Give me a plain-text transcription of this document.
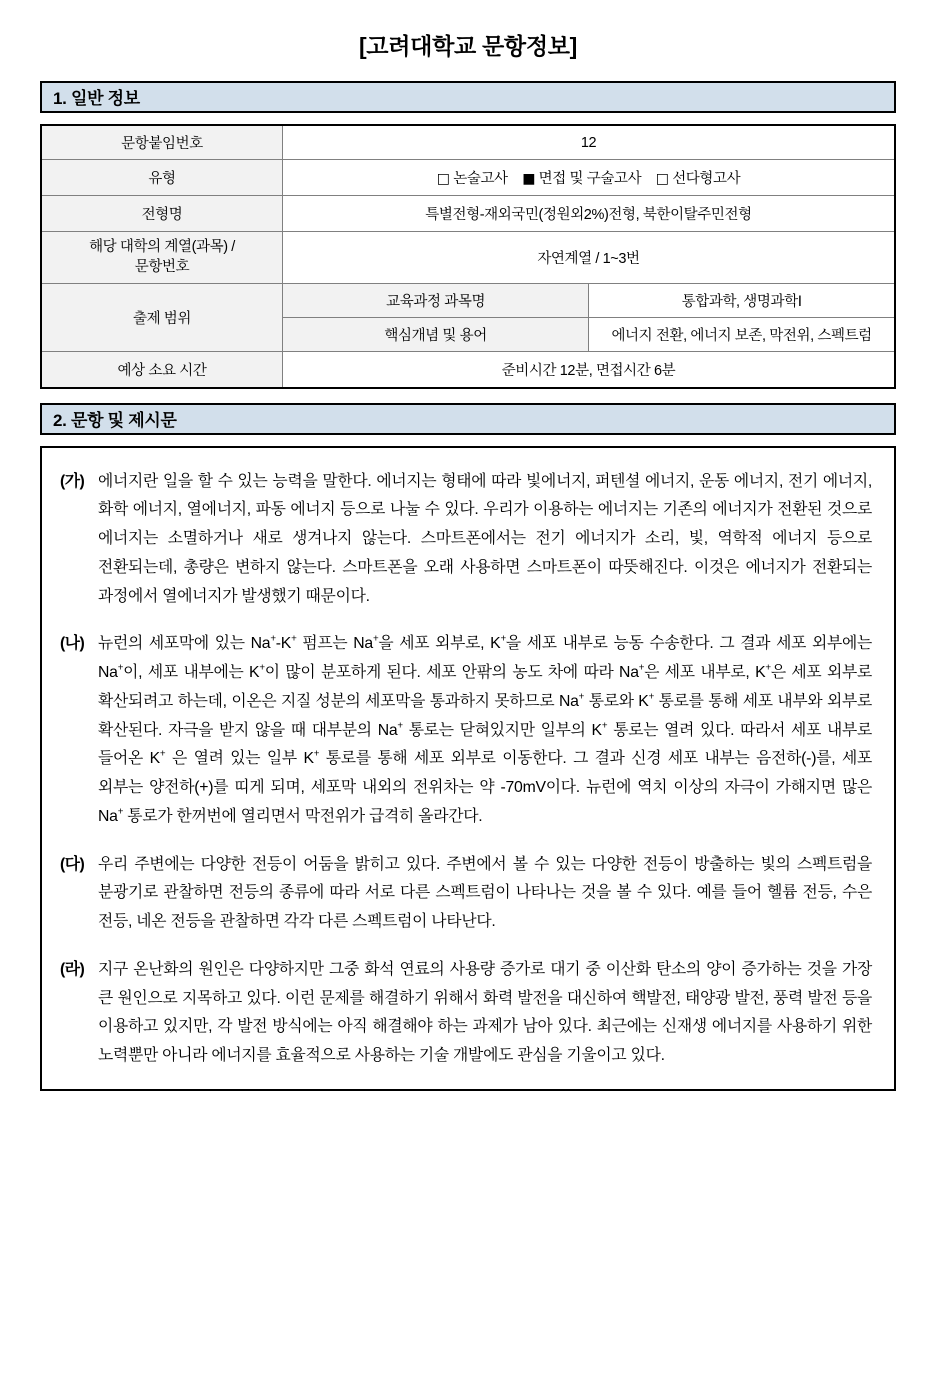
[고려대학교 문항정보]
1. 일반 정보
문항붙임번호	12	
유형	□ 논술고사 ■ 면접 및 구술고사 □ 선다형고사	
전형명	특별전형-재외국민(정원외2%)전형, 북한이탈주민전형	
해당 대학의 계열(과목) /
문항번호	자연계열 / 1~3번	
출제 범위	교육과정 과목명	통합과학, 생명과학Ⅰ
	핵심개념 및 용어	에너지 전환, 에너지 보존, 막전위, 스펙트럼
예상 소요 시간	준비시간 12분, 면접시간 6분	
2. 문항 및 제시문
(가) 에너지란 일을 할 수 있는 능력을 말한다. 에너지는 형태에 따라 빛에너지, 퍼텐셜 에너지, 운동 에너지, 전기 에너지, 화학 에너지, 열에너지, 파동 에너지 등으로 나눌 수 있다. 우리가 이용하는 에너지는 기존의 에너지가 전환된 것으로 에너지는 소멸하거나 새로 생겨나지 않는다. 스마트폰에서는 전기 에너지가 소리, 빛, 역학적 에너지 등으로 전환되는데, 총량은 변하지 않는다. 스마트폰을 오래 사용하면 스마트폰이 따뜻해진다. 이것은 에너지가 전환되는 과정에서 열에너지가 발생했기 때문이다.
(나) 뉴런의 세포막에 있는 Na+-K+ 펌프는 Na+을 세포 외부로, K+을 세포 내부로 능동 수송한다. 그 결과 세포 외부에는 Na+이, 세포 내부에는 K+이 많이 분포하게 된다. 세포 안팎의 농도 차에 따라 Na+은 세포 내부로, K+은 세포 외부로 확산되려고 하는데, 이온은 지질 성분의 세포막을 통과하지 못하므로 Na+ 통로와 K+ 통로를 통해 세포 내부와 외부로 확산된다. 자극을 받지 않을 때 대부분의 Na+ 통로는 닫혀있지만 일부의 K+ 통로는 열려 있다. 따라서 세포 내부로 들어온 K+ 은 열려 있는 일부 K+ 통로를 통해 세포 외부로 이동한다. 그 결과 신경 세포 내부는 음전하(-)를, 세포 외부는 양전하(+)를 띠게 되며, 세포막 내외의 전위차는 약 -70mV이다. 뉴런에 역치 이상의 자극이 가해지면 많은 Na+ 통로가 한꺼번에 열리면서 막전위가 급격히 올라간다.
(다) 우리 주변에는 다양한 전등이 어둠을 밝히고 있다. 주변에서 볼 수 있는 다양한 전등이 방출하는 빛의 스펙트럼을 분광기로 관찰하면 전등의 종류에 따라 서로 다른 스펙트럼이 나타나는 것을 볼 수 있다. 예를 들어 헬륨 전등, 수은 전등, 네온 전등을 관찰하면 각각 다른 스펙트럼이 나타난다.
(라) 지구 온난화의 원인은 다양하지만 그중 화석 연료의 사용량 증가로 대기 중 이산화 탄소의 양이 증가하는 것을 가장 큰 원인으로 지목하고 있다. 이런 문제를 해결하기 위해서 화력 발전을 대신하여 핵발전, 태양광 발전, 풍력 발전 등을 이용하고 있지만, 각 발전 방식에는 아직 해결해야 하는 과제가 남아 있다. 최근에는 신재생 에너지를 사용하기 위한 노력뿐만 아니라 에너지를 효율적으로 사용하는 기술 개발에도 관심을 기울이고 있다.
